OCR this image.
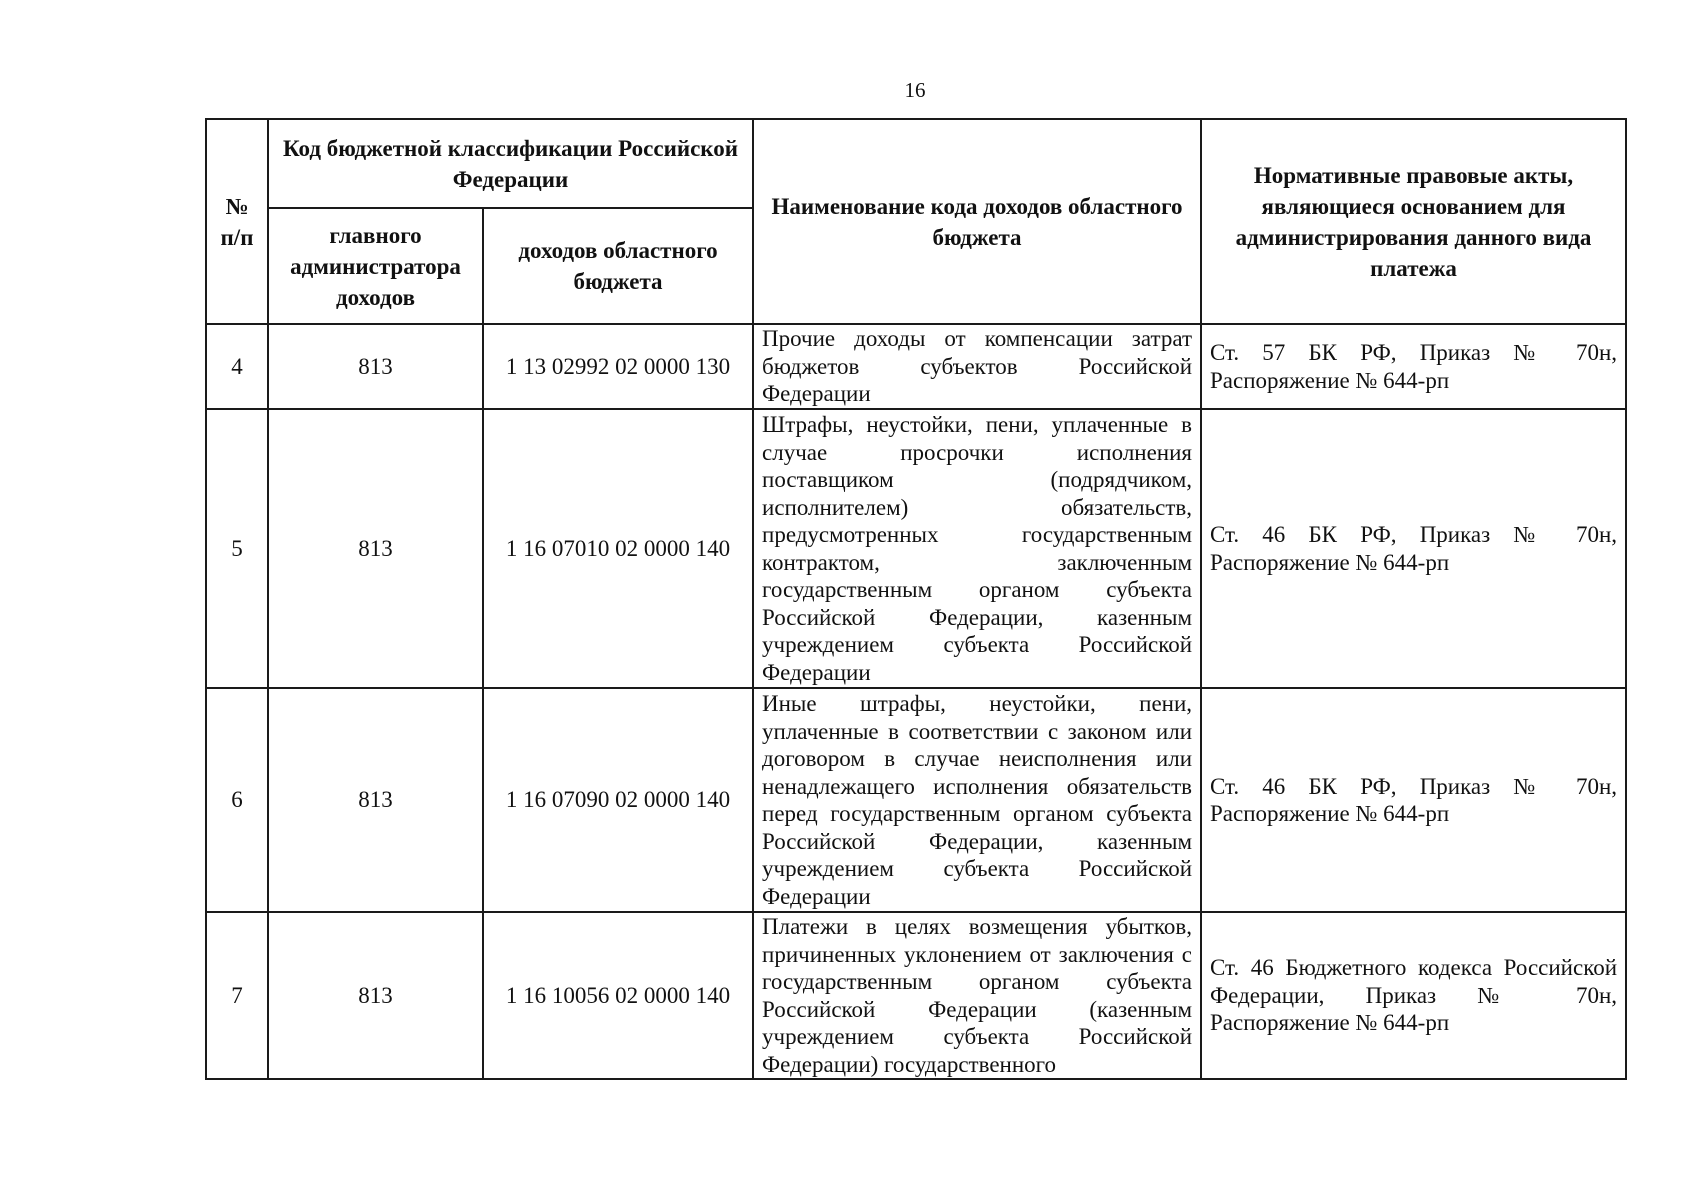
16
№ п/п	Код бюджетной классификации Российской Федерации		Наименование кода доходов областного бюджета	Нормативные правовые акты, являющиеся основанием для администрирования данного вида платежа
	главного администратора доходов	доходов областного бюджета		
4	813	1 13 02992 02 0000 130	Прочие доходы от компенсации затрат бюджетов субъектов Российской Федерации	Ст. 57 БК РФ, Приказ № 70н, Распоряжение № 644-рп
5	813	1 16 07010 02 0000 140	Штрафы, неустойки, пени, уплаченные в случае просрочки исполнения поставщиком (подрядчиком, исполнителем) обязательств, предусмотренных государственным контрактом, заключенным государственным органом субъекта Российской Федерации, казенным учреждением субъекта Российской Федерации	Ст. 46 БК РФ, Приказ № 70н, Распоряжение № 644-рп
6	813	1 16 07090 02 0000 140	Иные штрафы, неустойки, пени, уплаченные в соответствии с законом или договором в случае неисполнения или ненадлежащего исполнения обязательств перед государственным органом субъекта Российской Федерации, казенным учреждением субъекта Российской Федерации	Ст. 46 БК РФ, Приказ № 70н, Распоряжение № 644-рп
7	813	1 16 10056 02 0000 140	Платежи в целях возмещения убытков, причиненных уклонением от заключения с государственным органом субъекта Российской Федерации (казенным учреждением субъекта Российской Федерации) государственного	Ст. 46 Бюджетного кодекса Российской Федерации, Приказ № 70н, Распоряжение № 644-рп
